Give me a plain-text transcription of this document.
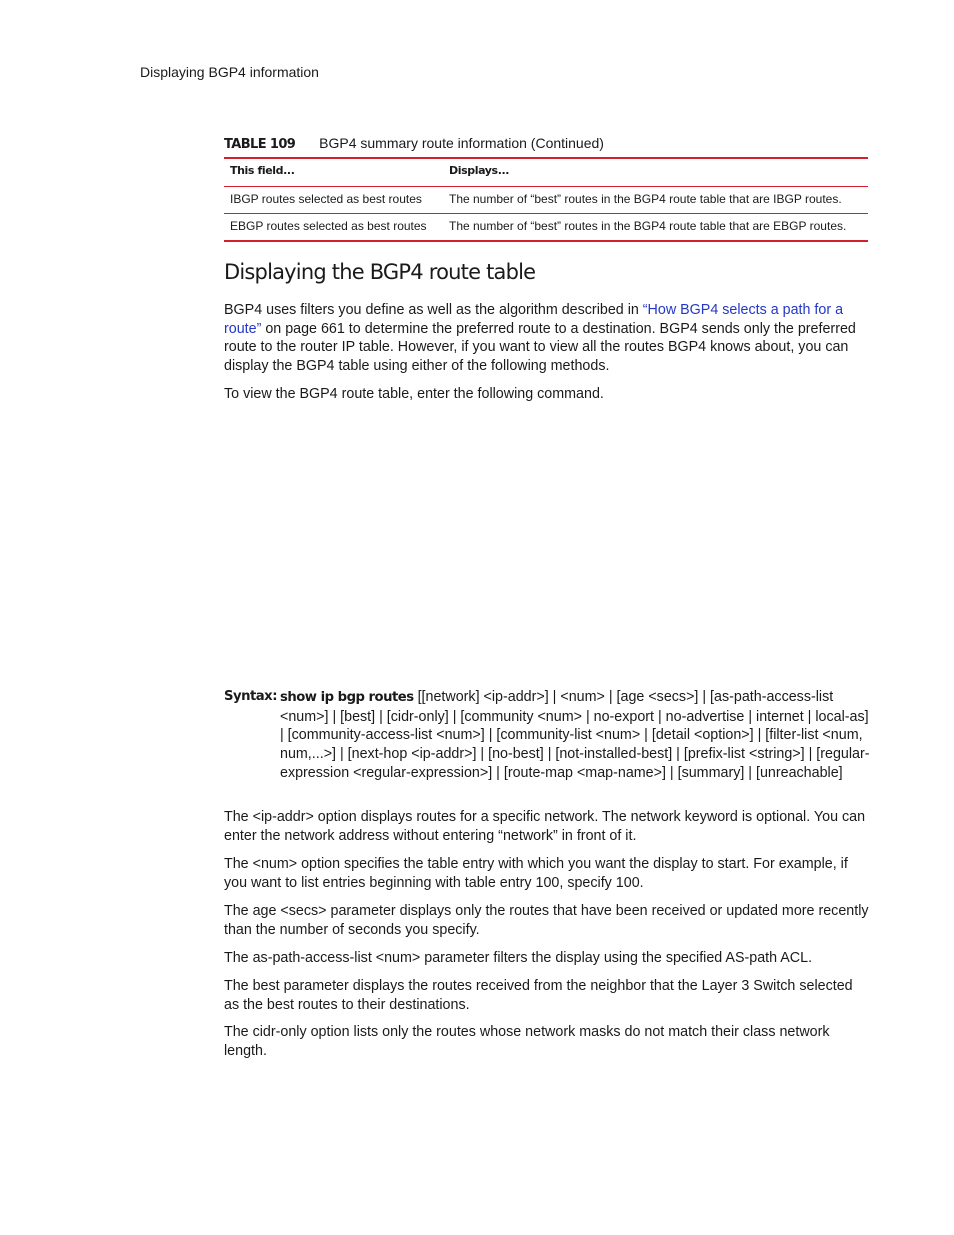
Displaying BGP4 information
TABLE 109 BGP4 summary route information (Continued)
This field...	Displays...
IBGP routes selected as best routes	The number of “best” routes in the BGP4 route table that are IBGP routes.
EBGP routes selected as best routes	The number of “best” routes in the BGP4 route table that are EBGP routes.
Displaying the BGP4 route table

BGP4 uses filters you define as well as the algorithm described in “How BGP4 selects a path for a route” on page 661 to determine the preferred route to a destination. BGP4 sends only the preferred route to the router IP table. However, if you want to view all the routes BGP4 knows about, you can display the BGP4 table using either of the following methods.

To view the BGP4 route table, enter the following command.

Syntax: show ip bgp routes [[network] <ip-addr>] | <num> | [age <secs>] | [as-path-access-list <num>] | [best] | [cidr-only] | [community <num> | no-export | no-advertise | internet | local-as] | [community-access-list <num>] | [community-list <num> | [detail <option>] | [filter-list <num, num,...>] | [next-hop <ip-addr>] | [no-best] | [not-installed-best] | [prefix-list <string>] | [regular-expression <regular-expression>] | [route-map <map-name>] | [summary] | [unreachable]

The <ip-addr> option displays routes for a specific network. The network keyword is optional. You can enter the network address without entering “network” in front of it.

The <num> option specifies the table entry with which you want the display to start. For example, if you want to list entries beginning with table entry 100, specify 100.

The age <secs> parameter displays only the routes that have been received or updated more recently than the number of seconds you specify.

The as-path-access-list <num> parameter filters the display using the specified AS-path ACL.

The best parameter displays the routes received from the neighbor that the Layer 3 Switch selected as the best routes to their destinations.

The cidr-only option lists only the routes whose network masks do not match their class network length.
